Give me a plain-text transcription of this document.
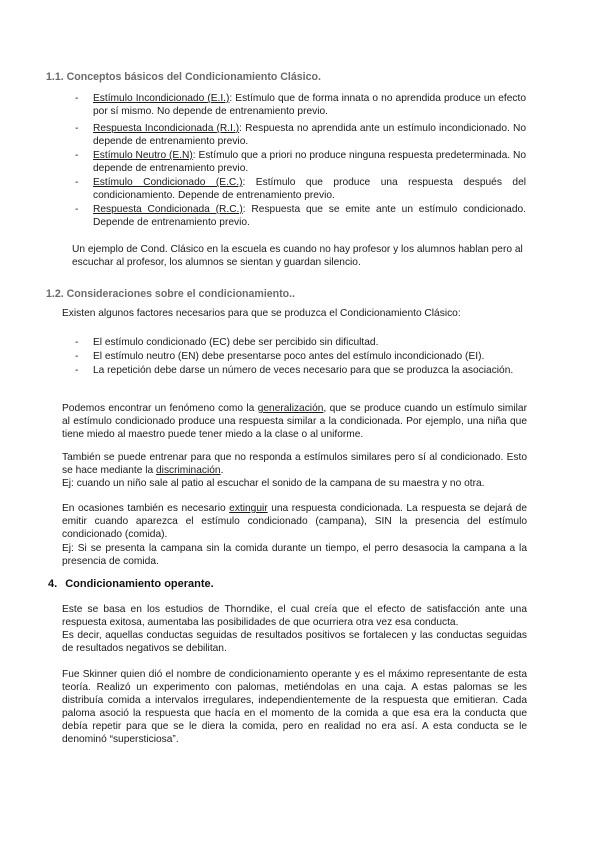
1.1. Conceptos básicos del Condicionamiento Clásico.
- Estímulo Incondicionado (E.I.): Estímulo que de forma innata o no aprendida produce un efecto por sí mismo. No depende de entrenamiento previo.
- Respuesta Incondicionada (R.I.): Respuesta no aprendida ante un estímulo incondicionado. No depende de entrenamiento previo.
- Estímulo Neutro (E.N): Estímulo que a priori no produce ninguna respuesta predeterminada. No depende de entrenamiento previo.
- Estímulo Condicionado (E.C.): Estímulo que produce una respuesta después del condicionamiento. Depende de entrenamiento previo.
- Respuesta Condicionada (R.C.): Respuesta que se emite ante un estímulo condicionado. Depende de entrenamiento previo.

Un ejemplo de Cond. Clásico en la escuela es cuando no hay profesor y los alumnos hablan pero al escuchar al profesor, los alumnos se sientan y guardan silencio.

1.2. Consideraciones sobre el condicionamiento..

Existen algunos factores necesarios para que se produzca el Condicionamiento Clásico:

- El estímulo condicionado (EC) debe ser percibido sin dificultad.
- El estímulo neutro (EN) debe presentarse poco antes del estímulo incondicionado (EI).
- La repetición debe darse un número de veces necesario para que se produzca la asociación.

Podemos encontrar un fenómeno como la generalización, que se produce cuando un estímulo similar al estímulo condicionado produce una respuesta similar a la condicionada. Por ejemplo, una niña que tiene miedo al maestro puede tener miedo a la clase o al uniforme.

También se puede entrenar para que no responda a estímulos similares pero sí al condicionado. Esto se hace mediante la discriminación.

Ej: cuando un niño sale al patio al escuchar el sonido de la campana de su maestra y no otra.

En ocasiones también es necesario extinguir una respuesta condicionada. La respuesta se dejará de emitir cuando aparezca el estímulo condicionado (campana), SIN la presencia del estímulo condicionado (comida).

Ej: Si se presenta la campana sin la comida durante un tiempo, el perro desasocia la campana a la presencia de comida.

4. Condicionamiento operante.

Este se basa en los estudios de Thorndike, el cual creía que el efecto de satisfacción ante una respuesta exitosa, aumentaba las posibilidades de que ocurriera otra vez esa conducta.

Es decir, aquellas conductas seguidas de resultados positivos se fortalecen y las conductas seguidas de resultados negativos se debilitan.

Fue Skinner quien dió el nombre de condicionamiento operante y es el máximo representante de esta teoría. Realizó un experimento con palomas, metiéndolas en una caja. A estas palomas se les distribuía comida a intervalos irregulares, independientemente de la respuesta que emitieran. Cada paloma asoció la respuesta que hacía en el momento de la comida a que esa era la conducta que debía repetir para que se le diera la comida, pero en realidad no era así. A esta conducta se le denominó “supersticiosa”.
